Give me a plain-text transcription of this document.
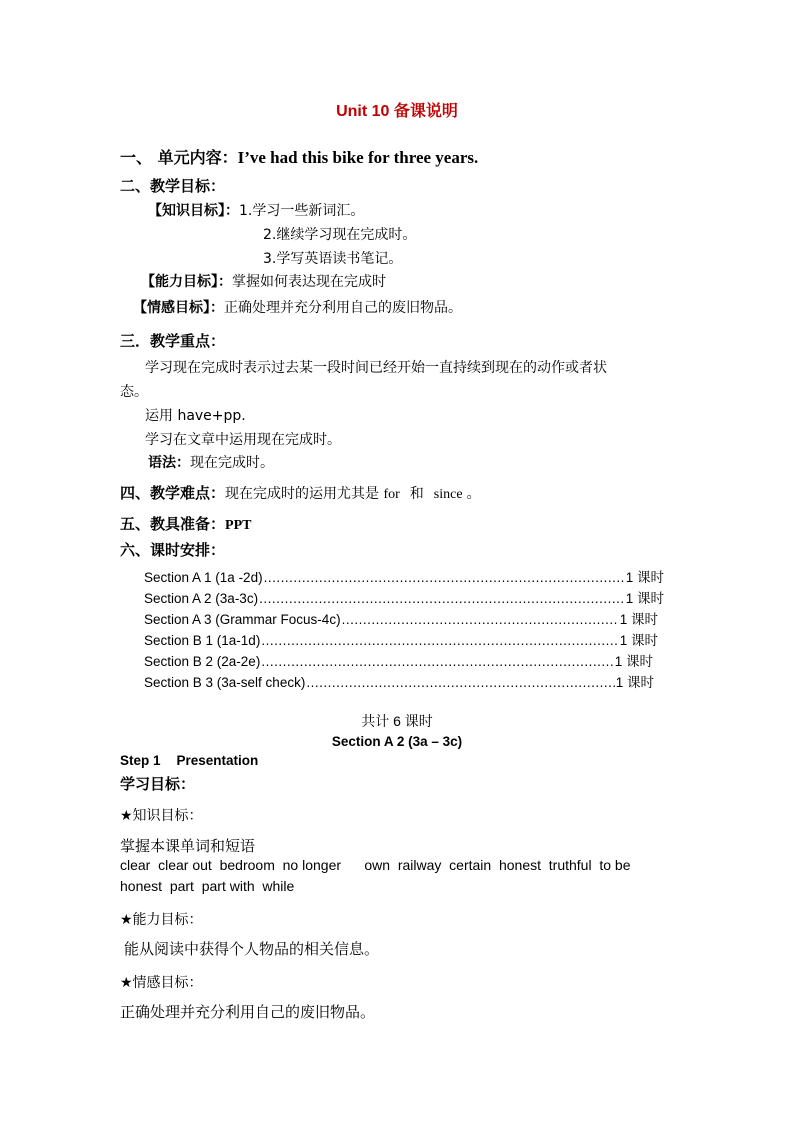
Unit 10 备课说明
一、 单元内容：I’ve had this bike for three years.
二、教学目标：
【知识目标】：1.学习一些新词汇。
2.继续学习现在完成时。
3.学写英语读书笔记。
【能力目标】：掌握如何表达现在完成时
【情感目标】：正确处理并充分利用自己的废旧物品。
三．教学重点：
学习现在完成时表示过去某一段时间已经开始一直持续到现在的动作或者状
态。
运用 have+pp.
学习在文章中运用现在完成时。
语法：现在完成时。
四、教学难点：现在完成时的运用尤其是 for 和 since 。
五、教具准备：PPT
六、课时安排：
Section A 1 (1a -2d) .....	1 课时
Section A 2 (3a-3c) .....	1 课时
Section A 3 (Grammar Focus-4c) .....	1 课时
Section B 1 (1a-1d) .....	1 课时
Section B 2 (2a-2e) .....	1 课时
Section B 3 (3a-self check) .....	1 课时
共计 6 课时
Section A 2 (3a – 3c)
Step 1 Presentation
学习目标：
★知识目标：
掌握本课单词和短语
clear  clear out  bedroom  no longer      own  railway  certain  honest  truthful  to be
honest  part  part with  while
★能力目标：
能从阅读中获得个人物品的相关信息。
★情感目标：
正确处理并充分利用自己的废旧物品。
